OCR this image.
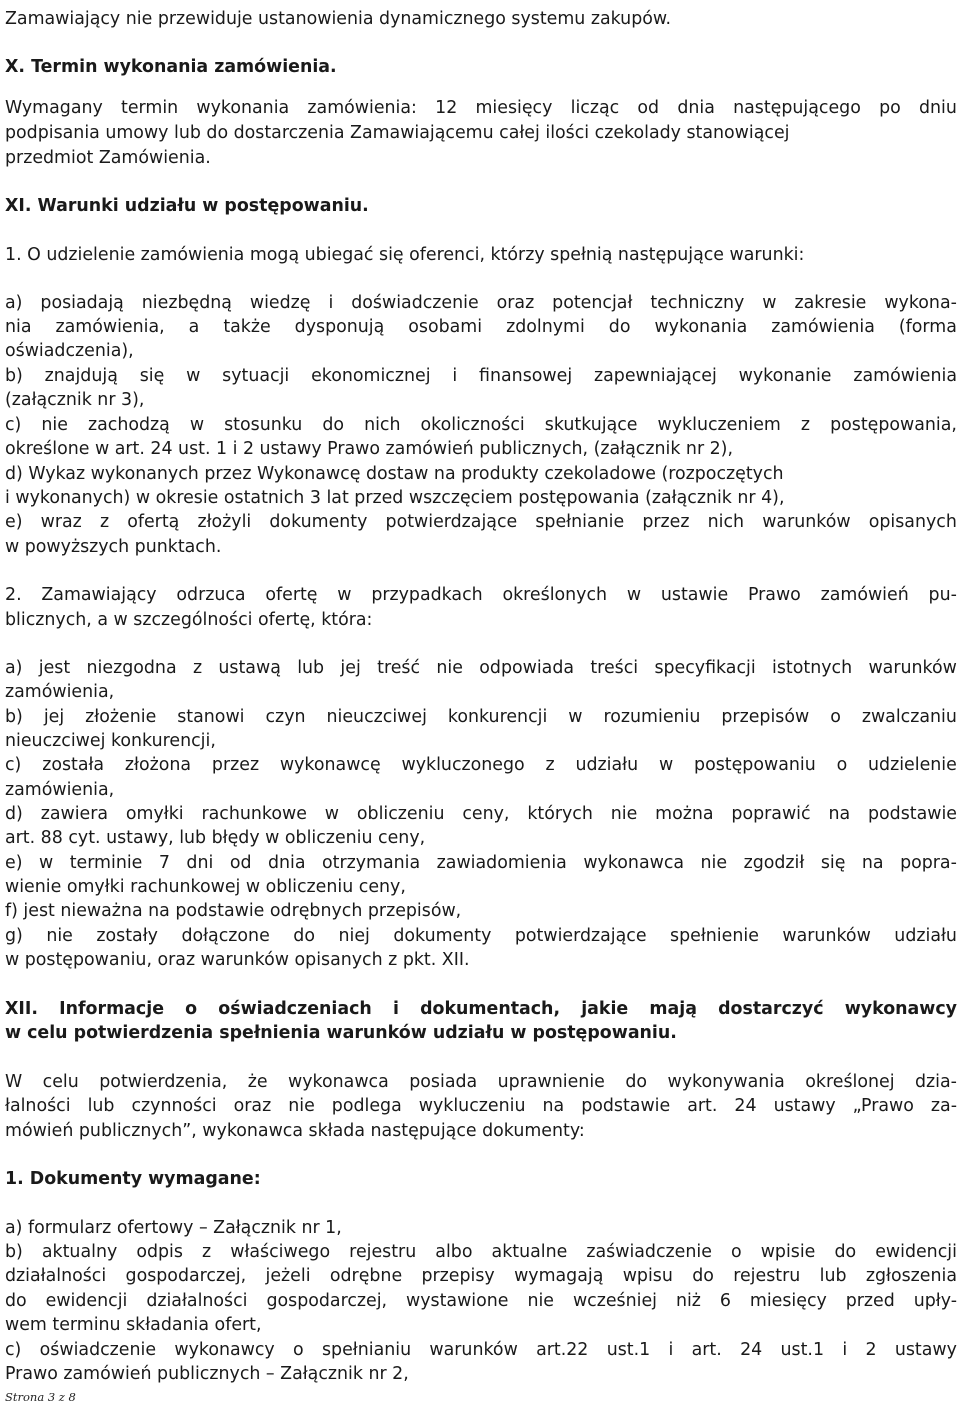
Zamawiający nie przewiduje ustanowienia dynamicznego systemu zakupów.
X. Termin wykonania zamówienia.
Wymagany termin wykonania zamówienia: 12 miesięcy licząc od dnia następującego po dniu
podpisania umowy lub do dostarczenia Zamawiającemu całej ilości czekolady stanowiącej
przedmiot Zamówienia.
XI. Warunki udziału w postępowaniu.
1. O udzielenie zamówienia mogą ubiegać się oferenci, którzy spełnią następujące warunki:
a) posiadają niezbędną wiedzę i doświadczenie oraz potencjał techniczny w zakresie wykona-
nia zamówienia, a także dysponują osobami zdolnymi do wykonania zamówienia (forma
oświadczenia),
b) znajdują się w sytuacji ekonomicznej i finansowej zapewniającej wykonanie zamówienia
(załącznik nr 3),
c) nie zachodzą w stosunku do nich okoliczności skutkujące wykluczeniem z postępowania,
określone w art. 24 ust. 1 i 2 ustawy Prawo zamówień publicznych, (załącznik nr 2),
d) Wykaz wykonanych przez Wykonawcę dostaw na produkty czekoladowe (rozpoczętych
i wykonanych) w okresie ostatnich 3 lat przed wszczęciem postępowania (załącznik nr 4),
e) wraz z ofertą złożyli dokumenty potwierdzające spełnianie przez nich warunków opisanych
w powyższych punktach.
2. Zamawiający odrzuca ofertę w przypadkach określonych w ustawie Prawo zamówień pu-
blicznych, a w szczególności ofertę, która:
a) jest niezgodna z ustawą lub jej treść nie odpowiada treści specyfikacji istotnych warunków
zamówienia,
b) jej złożenie stanowi czyn nieuczciwej konkurencji w rozumieniu przepisów o zwalczaniu
nieuczciwej konkurencji,
c) została złożona przez wykonawcę wykluczonego z udziału w postępowaniu o udzielenie
zamówienia,
d) zawiera omyłki rachunkowe w obliczeniu ceny, których nie można poprawić na podstawie
art. 88 cyt. ustawy, lub błędy w obliczeniu ceny,
e) w terminie 7 dni od dnia otrzymania zawiadomienia wykonawca nie zgodził się na popra-
wienie omyłki rachunkowej w obliczeniu ceny,
f) jest nieważna na podstawie odrębnych przepisów,
g) nie zostały dołączone do niej dokumenty potwierdzające spełnienie warunków udziału
w postępowaniu, oraz warunków opisanych z pkt. XII.
XII. Informacje o oświadczeniach i dokumentach, jakie mają dostarczyć wykonawcy
w celu potwierdzenia spełnienia warunków udziału w postępowaniu.
W celu potwierdzenia, że wykonawca posiada uprawnienie do wykonywania określonej dzia-
łalności lub czynności oraz nie podlega wykluczeniu na podstawie art. 24 ustawy „Prawo za-
mówień publicznych”, wykonawca składa następujące dokumenty:
1. Dokumenty wymagane:
a) formularz ofertowy – Załącznik nr 1,
b) aktualny odpis z właściwego rejestru albo aktualne zaświadczenie o wpisie do ewidencji
działalności gospodarczej, jeżeli odrębne przepisy wymagają wpisu do rejestru lub zgłoszenia
do ewidencji działalności gospodarczej, wystawione nie wcześniej niż 6 miesięcy przed upły-
wem terminu składania ofert,
c) oświadczenie wykonawcy o spełnianiu warunków art.22 ust.1 i art. 24 ust.1 i 2 ustawy
Prawo zamówień publicznych – Załącznik nr 2,
Strona 3 z 8
